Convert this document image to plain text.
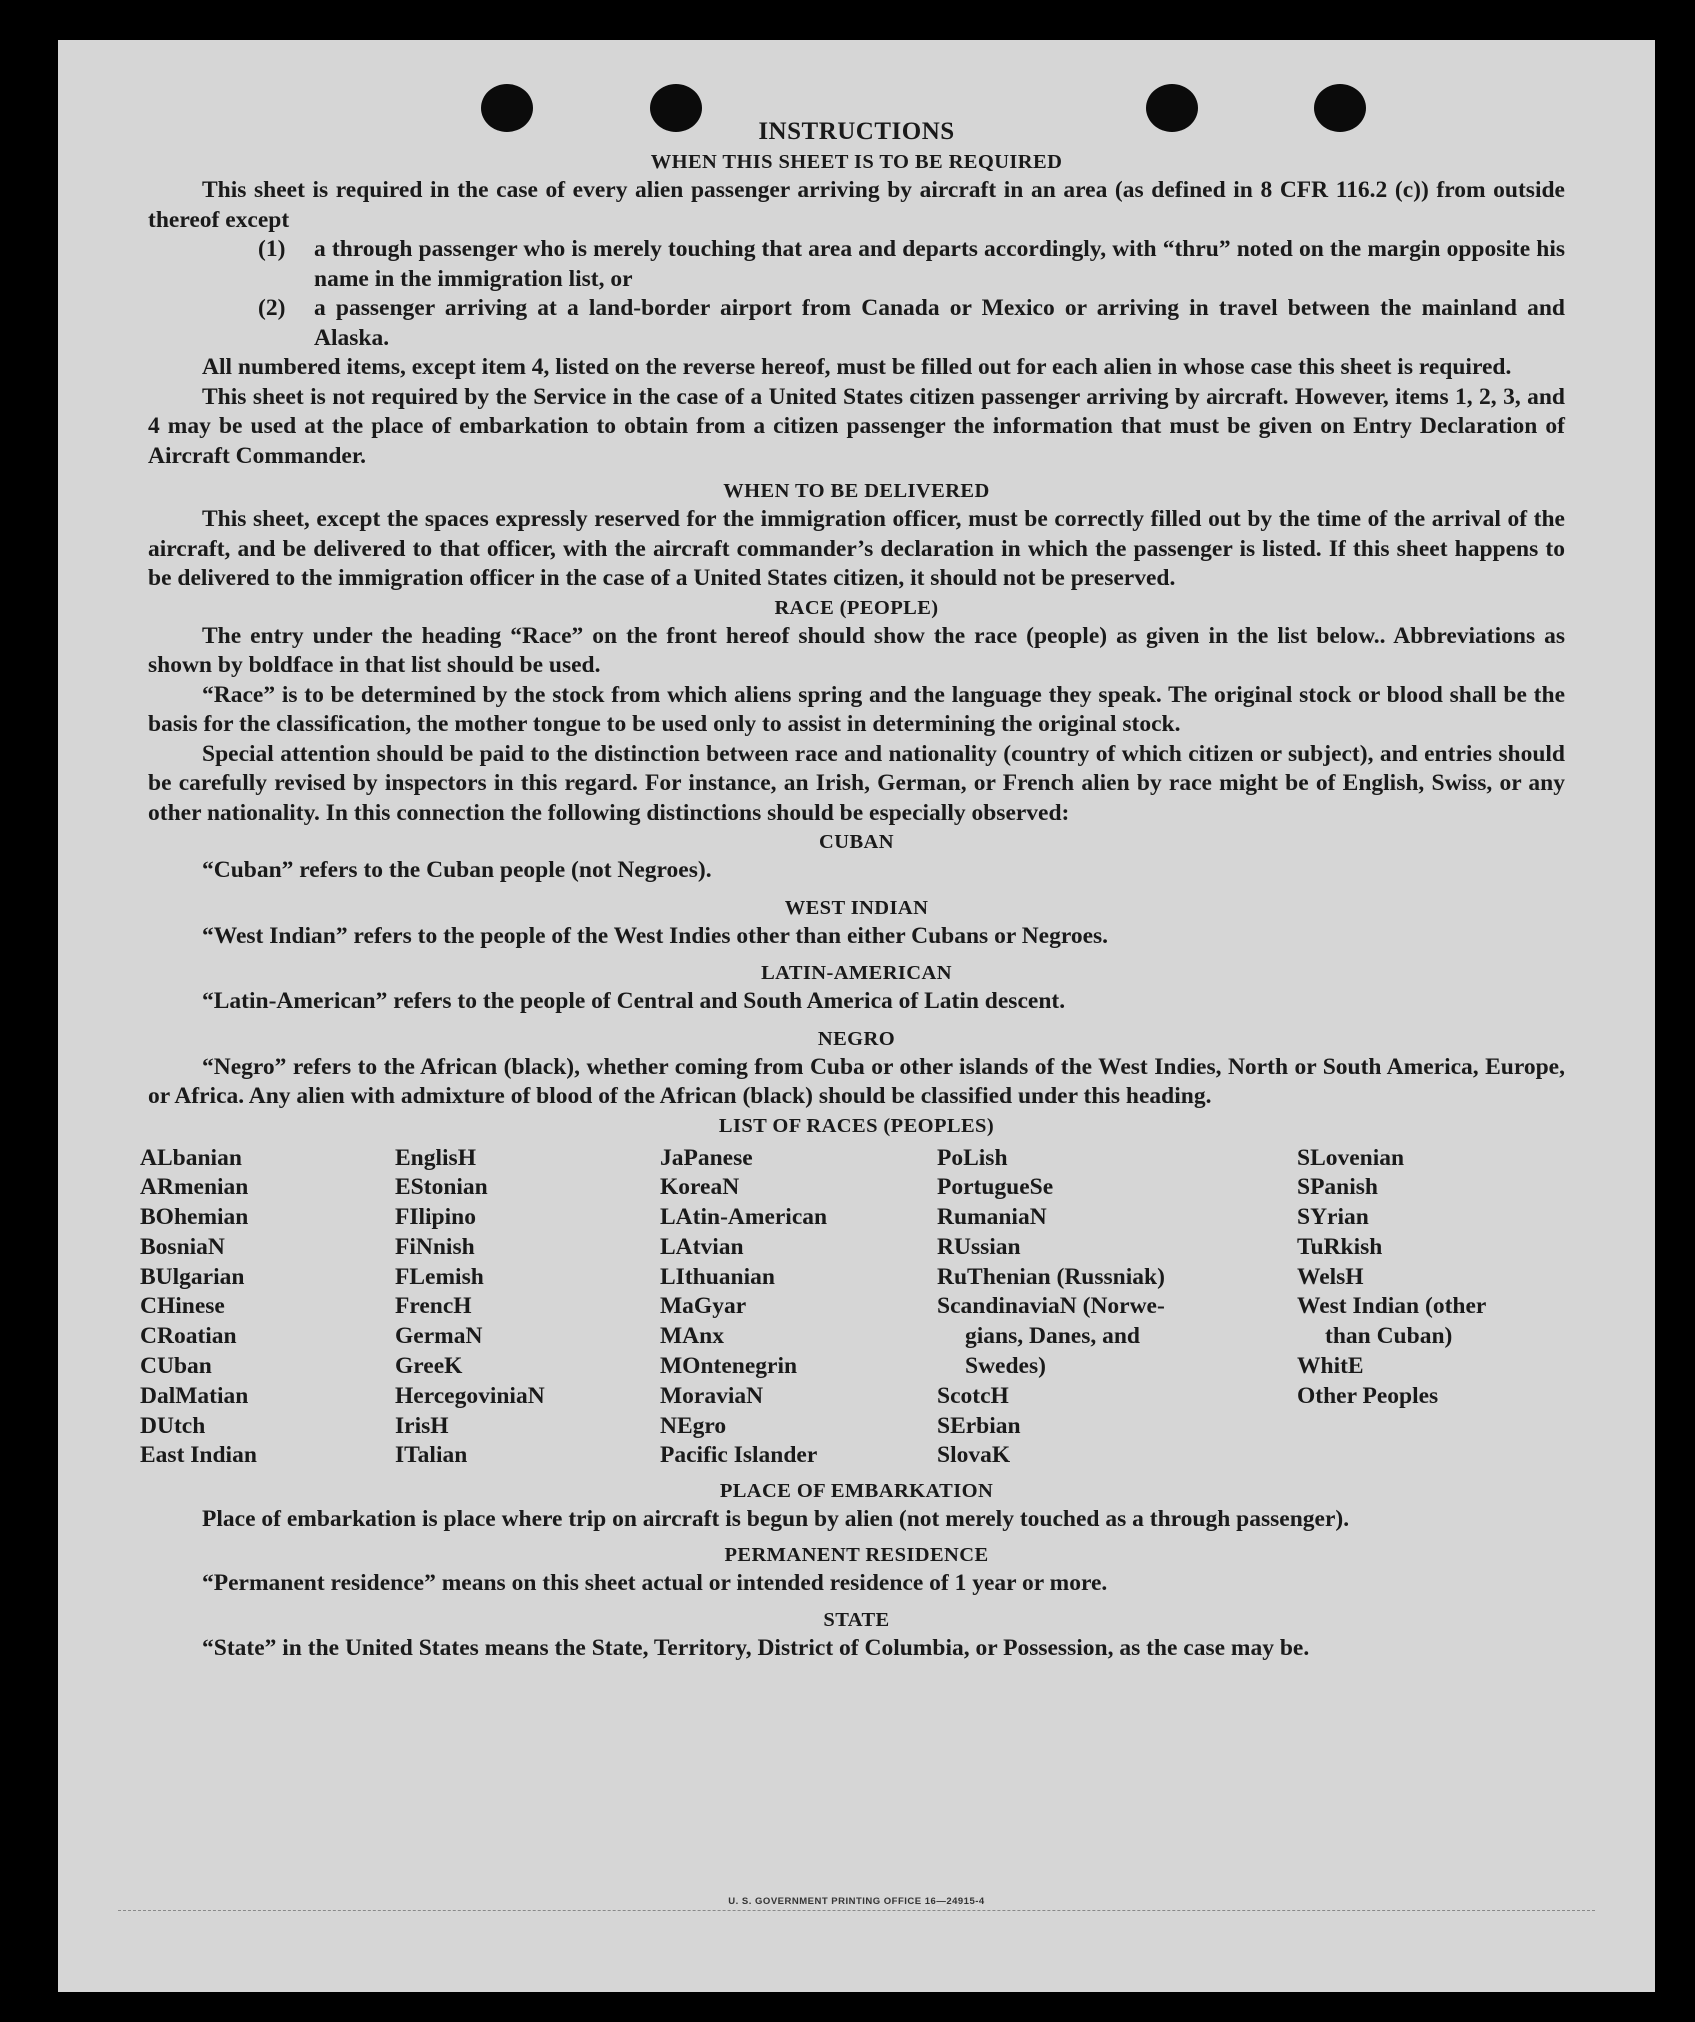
INSTRUCTIONS
WHEN THIS SHEET IS TO BE REQUIRED

This sheet is required in the case of every alien passenger arriving by aircraft in an area (as defined in 8 CFR 116.2 (c)) from outside thereof except

(1)	a through passenger who is merely touching that area and departs accordingly, with “thru” noted on the margin opposite his name in the immigration list, or
(2)	a passenger arriving at a land-border airport from Canada or Mexico or arriving in travel between the mainland and Alaska.

All numbered items, except item 4, listed on the reverse hereof, must be filled out for each alien in whose case this sheet is required.

This sheet is not required by the Service in the case of a United States citizen passenger arriving by aircraft. However, items 1, 2, 3, and 4 may be used at the place of embarkation to obtain from a citizen passenger the information that must be given on Entry Declaration of Aircraft Commander.

WHEN TO BE DELIVERED

This sheet, except the spaces expressly reserved for the immigration officer, must be correctly filled out by the time of the arrival of the aircraft, and be delivered to that officer, with the aircraft commander’s declaration in which the passenger is listed. If this sheet happens to be delivered to the immigration officer in the case of a United States citizen, it should not be preserved.

RACE (PEOPLE)

The entry under the heading “Race” on the front hereof should show the race (people) as given in the list below.. Abbreviations as shown by boldface in that list should be used.

“Race” is to be determined by the stock from which aliens spring and the language they speak. The original stock or blood shall be the basis for the classification, the mother tongue to be used only to assist in determining the original stock.

Special attention should be paid to the distinction between race and nationality (country of which citizen or subject), and entries should be carefully revised by inspectors in this regard. For instance, an Irish, German, or French alien by race might be of English, Swiss, or any other nationality. In this connection the following distinctions should be especially observed:

CUBAN

“Cuban” refers to the Cuban people (not Negroes).

WEST INDIAN

“West Indian” refers to the people of the West Indies other than either Cubans or Negroes.

LATIN-AMERICAN

“Latin-American” refers to the people of Central and South America of Latin descent.

NEGRO

“Negro” refers to the African (black), whether coming from Cuba or other islands of the West Indies, North or South America, Europe, or Africa. Any alien with admixture of blood of the African (black) should be classified under this heading.

LIST OF RACES (PEOPLES)
ALbanian
ARmenian
BOhemian
BosniaN
BUlgarian
CHinese
CRoatian
CUban
DalMatian
DUtch
East Indian
EnglisH
EStonian
FIlipino
FiNnish
FLemish
FrencH
GermaN
GreeK
HercegoviniaN
IrisH
ITalian
JaPanese
KoreaN
LAtin-American
LAtvian
LIthuanian
MaGyar
MAnx
MOntenegrin
MoraviaN
NEgro
Pacific Islander
PoLish
PortugueSe
RumaniaN
RUssian
RuThenian (Russniak)
ScandinaviaN (Norwe-
gians, Danes, and
Swedes)
ScotcH
SErbian
SlovaK
SLovenian
SPanish
SYrian
TuRkish
WelsH
West Indian (other
than Cuban)
WhitE
Other Peoples
PLACE OF EMBARKATION

Place of embarkation is place where trip on aircraft is begun by alien (not merely touched as a through passenger).

PERMANENT RESIDENCE

“Permanent residence” means on this sheet actual or intended residence of 1 year or more.

STATE

“State” in the United States means the State, Territory, District of Columbia, or Possession, as the case may be.

U. S. GOVERNMENT PRINTING OFFICE 16—24915-4
